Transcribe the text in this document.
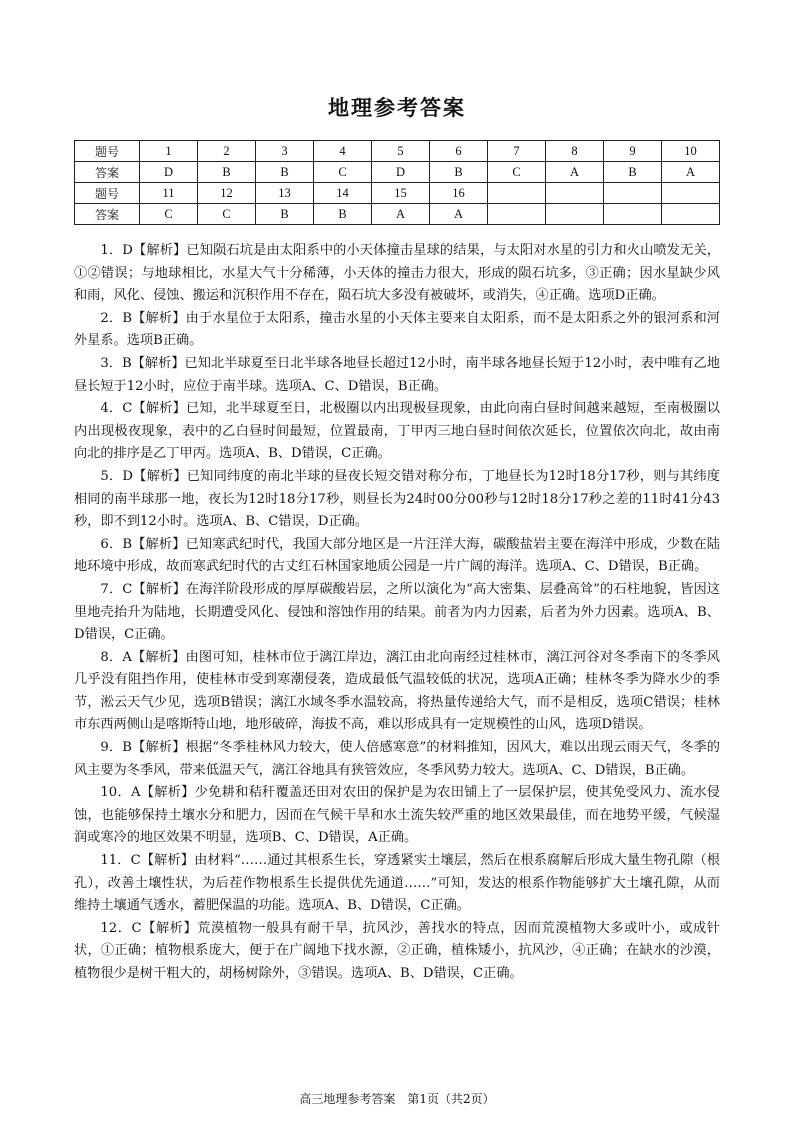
地理参考答案
题号	1	2	3	4	5	6	7	8	9	10
答案	D	B	B	C	D	B	C	A	B	A
题号	11	12	13	14	15	16				
答案	C	C	B	B	A	A				

1．D【解析】已知陨石坑是由太阳系中的小天体撞击星球的结果，与太阳对水星的引力和火山喷发无关，①②错误；与地球相比，水星大气十分稀薄，小天体的撞击力很大，形成的陨石坑多，③正确；因水星缺少风和雨，风化、侵蚀、搬运和沉积作用不存在，陨石坑大多没有被破坏，或消失，④正确。选项D正确。

2．B【解析】由于水星位于太阳系，撞击水星的小天体主要来自太阳系，而不是太阳系之外的银河系和河外星系。选项B正确。

3．B【解析】已知北半球夏至日北半球各地昼长超过12小时，南半球各地昼长短于12小时，表中唯有乙地昼长短于12小时，应位于南半球。选项A、C、D错误，B正确。

4．C【解析】已知，北半球夏至日，北极圈以内出现极昼现象，由此向南白昼时间越来越短，至南极圈以内出现极夜现象，表中的乙白昼时间最短，位置最南，丁甲丙三地白昼时间依次延长，位置依次向北，故由南向北的排序是乙丁甲丙。选项A、B、D错误，C正确。

5．D【解析】已知同纬度的南北半球的昼夜长短交错对称分布，丁地昼长为12时18分17秒，则与其纬度相同的南半球那一地，夜长为12时18分17秒，则昼长为24时00分00秒与12时18分17秒之差的11时41分43秒，即不到12小时。选项A、B、C错误，D正确。

6．B【解析】已知寒武纪时代，我国大部分地区是一片汪洋大海，碳酸盐岩主要在海洋中形成，少数在陆地环境中形成，故而寒武纪时代的古丈红石林国家地质公园是一片广阔的海洋。选项A、C、D错误，B正确。

7．C【解析】在海洋阶段形成的厚厚碳酸岩层，之所以演化为“高大密集、层叠高耸”的石柱地貌，皆因这里地壳抬升为陆地，长期遭受风化、侵蚀和溶蚀作用的结果。前者为内力因素，后者为外力因素。选项A、B、D错误，C正确。

8．A【解析】由图可知，桂林市位于漓江岸边，漓江由北向南经过桂林市，漓江河谷对冬季南下的冬季风几乎没有阻挡作用，使桂林市受到寒潮侵袭，造成最低气温较低的状况，选项A正确；桂林冬季为降水少的季节，淞云天气少见，选项B错误；漓江水域冬季水温较高，将热量传递给大气，而不是相反，选项C错误；桂林市东西两侧山是喀斯特山地，地形破碎，海拔不高，难以形成具有一定规模性的山风，选项D错误。

9．B【解析】根据“冬季桂林风力较大，使人倍感寒意”的材料推知，因风大，难以出现云雨天气，冬季的风主要为冬季风，带来低温天气，漓江谷地具有狭管效应，冬季风势力较大。选项A、C、D错误，B正确。

10．A【解析】少免耕和秸秆覆盖还田对农田的保护是为农田铺上了一层保护层，使其免受风力、流水侵蚀，也能够保持土壤水分和肥力，因而在气候干旱和水土流失较严重的地区效果最佳，而在地势平缓，气候湿润或寒冷的地区效果不明显，选项B、C、D错误，A正确。

11．C【解析】由材料“……通过其根系生长，穿透紧实土壤层，然后在根系腐解后形成大量生物孔隙（根孔），改善土壤性状，为后茬作物根系生长提供优先通道……”可知，发达的根系作物能够扩大土壤孔隙，从而维持土壤通气透水，蓄肥保温的功能。选项A、B、D错误，C正确。

12．C【解析】荒漠植物一般具有耐干旱，抗风沙，善找水的特点，因而荒漠植物大多或叶小，或成针状，①正确；植物根系庞大，便于在广阔地下找水源，②正确，植株矮小，抗风沙，④正确；在缺水的沙漠，植物很少是树干粗大的，胡杨树除外，③错误。选项A、B、D错误，C正确。

高三地理参考答案　第1页（共2页）
